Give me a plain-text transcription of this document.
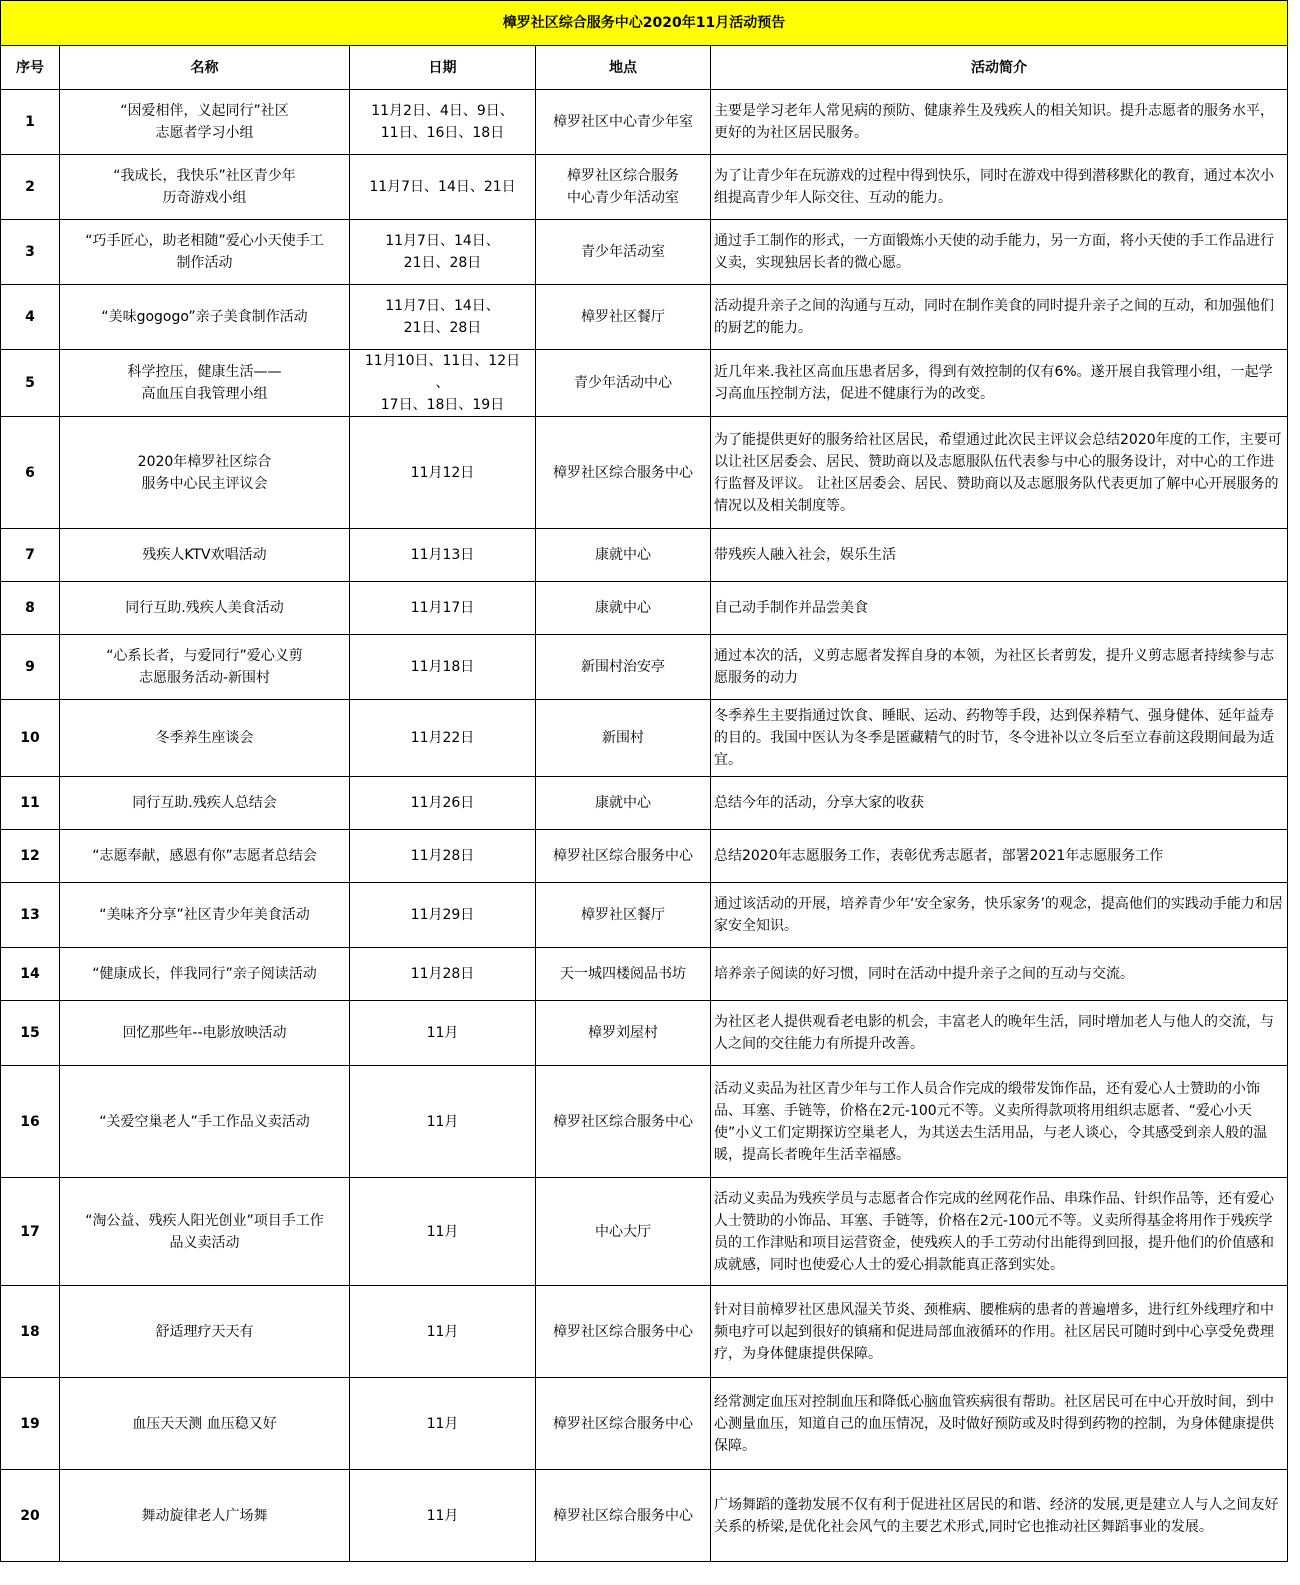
樟罗社区综合服务中心2020年11月活动预告				
序号	名称	日期	地点	活动简介

1	“因爱相伴，义起同行”社区
志愿者学习小组	11月2日、4日、9日、
11日、16日、18日	樟罗社区中心青少年室	主要是学习老年人常见病的预防、健康养生及残疾人的相关知识。提升志愿者的服务水平，更好的为社区居民服务。

2	“我成长，我快乐”社区青少年
历奇游戏小组	11月7日、14日、21日	樟罗社区综合服务
中心青少年活动室	为了让青少年在玩游戏的过程中得到快乐，同时在游戏中得到潜移默化的教育，通过本次小组提高青少年人际交往、互动的能力。

3	“巧手匠心，助老相随”爱心小天使手工
制作活动	11月7日、14日、
21日、28日	青少年活动室	通过手工制作的形式，一方面锻炼小天使的动手能力，另一方面，将小天使的手工作品进行义卖，实现独居长者的微心愿。

4	“美味gogogo”亲子美食制作活动	11月7日、14日、
21日、28日	樟罗社区餐厅	活动提升亲子之间的沟通与互动，同时在制作美食的同时提升亲子之间的互动，和加强他们的厨艺的能力。

5	科学控压，健康生活——
高血压自我管理小组	11月10日、11日、12日
、
17日、18日、19日	青少年活动中心	近几年来.我社区高血压患者居多，得到有效控制的仅有6%。遂开展自我管理小组，一起学习高血压控制方法，促进不健康行为的改变。

6	2020年樟罗社区综合
服务中心民主评议会	11月12日	樟罗社区综合服务中心	为了能提供更好的服务给社区居民，希望通过此次民主评议会总结2020年度的工作，主要可以让社区居委会、居民、赞助商以及志愿服队伍代表参与中心的服务设计，对中心的工作进行监督及评议。 让社区居委会、居民、赞助商以及志愿服务队代表更加了解中心开展服务的情况以及相关制度等。

7	残疾人KTV欢唱活动	11月13日	康就中心	带残疾人融入社会，娱乐生活

8	同行互助.残疾人美食活动	11月17日	康就中心	自己动手制作并品尝美食

9	“心系长者，与爱同行”爱心义剪
志愿服务活动-新围村	11月18日	新围村治安亭	通过本次的活，义剪志愿者发挥自身的本领，为社区长者剪发，提升义剪志愿者持续参与志愿服务的动力

10	冬季养生座谈会	11月22日	新围村	冬季养生主要指通过饮食、睡眠、运动、药物等手段，达到保养精气、强身健体、延年益寿的目的。我国中医认为冬季是匿藏精气的时节，冬令进补以立冬后至立春前这段期间最为适宜。

11	同行互助.残疾人总结会	11月26日	康就中心	总结今年的活动，分享大家的收获

12	“志愿奉献，感恩有你”志愿者总结会	11月28日	樟罗社区综合服务中心	总结2020年志愿服务工作，表彰优秀志愿者，部署2021年志愿服务工作

13	“美味齐分享”社区青少年美食活动	11月29日	樟罗社区餐厅	通过该活动的开展，培养青少年‘安全家务，快乐家务’的观念，提高他们的实践动手能力和居家安全知识。

14	“健康成长，伴我同行”亲子阅读活动	11月28日	天一城四楼阅品书坊	培养亲子阅读的好习惯，同时在活动中提升亲子之间的互动与交流。

15	回忆那些年--电影放映活动	11月	樟罗刘屋村	为社区老人提供观看老电影的机会，丰富老人的晚年生活，同时增加老人与他人的交流，与人之间的交往能力有所提升改善。

16	“关爱空巢老人”手工作品义卖活动	11月	樟罗社区综合服务中心	活动义卖品为社区青少年与工作人员合作完成的缎带发饰作品，还有爱心人士赞助的小饰品、耳塞、手链等，价格在2元-100元不等。义卖所得款项将用组织志愿者、“爱心小天使”小义工们定期探访空巢老人，为其送去生活用品，与老人谈心，令其感受到亲人般的温暖，提高长者晚年生活幸福感。

17	“淘公益、残疾人阳光创业”项目手工作
品义卖活动	11月	中心大厅	活动义卖品为残疾学员与志愿者合作完成的丝网花作品、串珠作品、针织作品等，还有爱心人士赞助的小饰品、耳塞、手链等，价格在2元-100元不等。义卖所得基金将用作于残疾学员的工作津贴和项目运营资金，使残疾人的手工劳动付出能得到回报，提升他们的价值感和成就感，同时也使爱心人士的爱心捐款能真正落到实处。

18	舒适理疗天天有	11月	樟罗社区综合服务中心	针对目前樟罗社区患风湿关节炎、颈椎病、腰椎病的患者的普遍增多，进行红外线理疗和中频电疗可以起到很好的镇痛和促进局部血液循环的作用。社区居民可随时到中心享受免费理疗，为身体健康提供保障。

19	血压天天测 血压稳又好	11月	樟罗社区综合服务中心	经常测定血压对控制血压和降低心脑血管疾病很有帮助。社区居民可在中心开放时间，到中心测量血压，知道自己的血压情况，及时做好预防或及时得到药物的控制，为身体健康提供保障。

20	舞动旋律老人广场舞	11月	樟罗社区综合服务中心	广场舞蹈的蓬勃发展不仅有利于促进社区居民的和谐、经济的发展,更是建立人与人之间友好关系的桥梁,是优化社会风气的主要艺术形式,同时它也推动社区舞蹈事业的发展。
